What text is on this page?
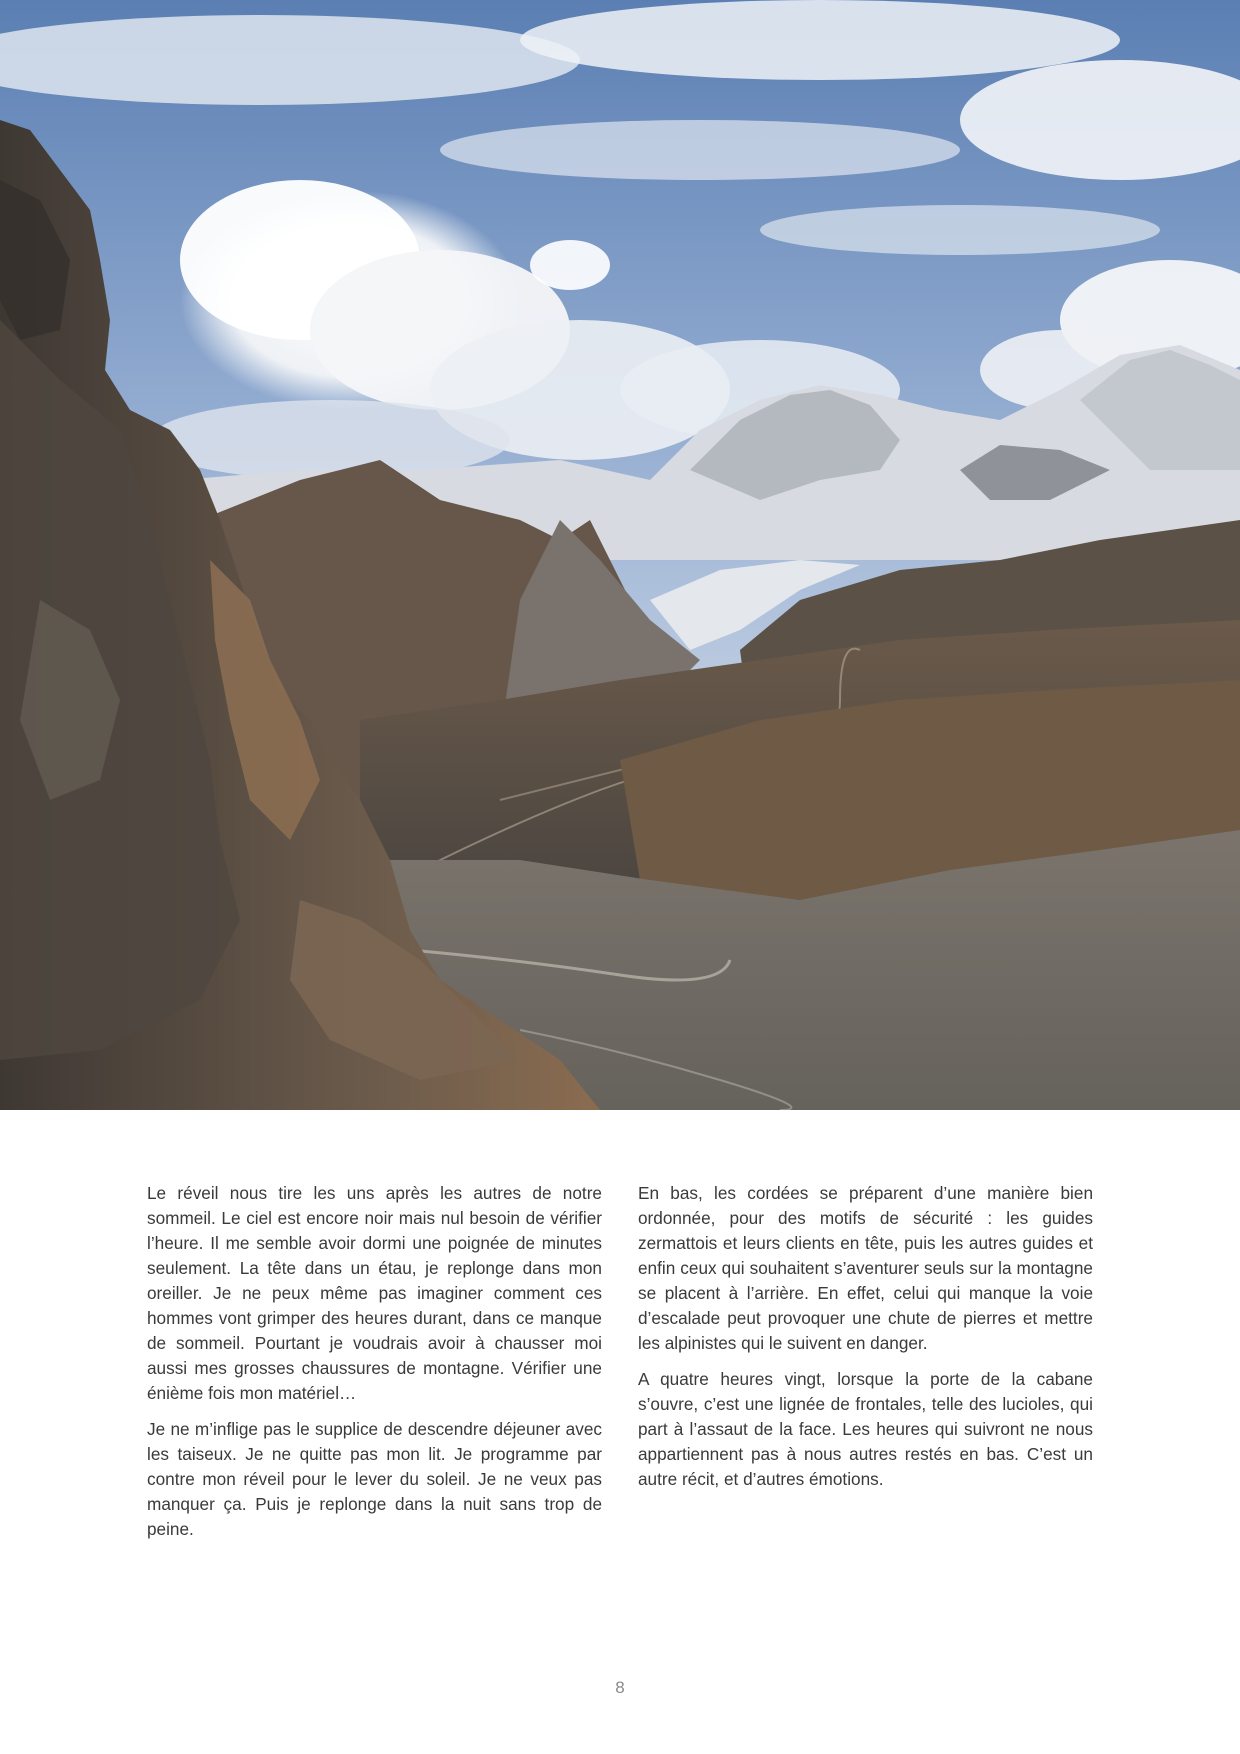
Le réveil nous tire les uns après les autres de notre sommeil. Le ciel est encore noir mais nul besoin de vérifier l’heure. Il me semble avoir dormi une poignée de minutes seulement. La tête dans un étau, je replonge dans mon oreiller. Je ne peux même pas imaginer comment ces hommes vont grimper des heures durant, dans ce manque de sommeil. Pourtant je voudrais avoir à chausser moi aussi mes grosses chaussures de montagne. Vérifier une énième fois mon matériel…

Je ne m’inflige pas le supplice de descendre déjeuner avec les taiseux. Je ne quitte pas mon lit. Je programme par contre mon réveil pour le lever du soleil. Je ne veux pas manquer ça. Puis je replonge dans la nuit sans trop de peine.

En bas, les cordées se préparent d’une manière bien ordonnée, pour des motifs de sécurité : les guides zermattois et leurs clients en tête, puis les autres guides et enfin ceux qui souhaitent s’aventurer seuls sur la montagne se placent à l’arrière. En effet, celui qui manque la voie d’escalade peut provoquer une chute de pierres et mettre les alpinistes qui le suivent en danger.

A quatre heures vingt, lorsque la porte de la cabane s’ouvre, c’est une lignée de frontales, telle des lucioles, qui part à l’assaut de la face. Les heures qui suivront ne nous appartiennent pas à nous autres restés en bas. C’est un autre récit, et d’autres émotions.

8
